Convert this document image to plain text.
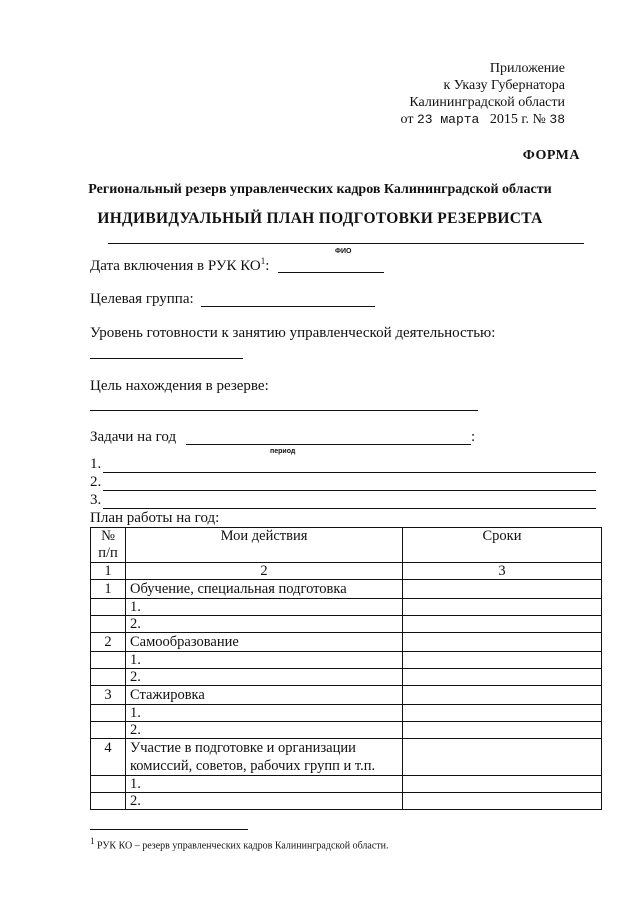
Приложение
к Указу Губернатора
Калининградской области
от 23 марта 2015 г. № 38
ФОРМА
Региональный резерв управленческих кадров Калининградской области
ИНДИВИДУАЛЬНЫЙ ПЛАН ПОДГОТОВКИ РЕЗЕРВИСТА
ФИО
Дата включения в РУК $КО^1$:
Целевая группа:
Уровень готовности к занятию управленческой деятельностью:
Цель нахождения в резерве:
Задачи на год	:
период
1.
2.
3.
План работы на год:
№ п/п	Мои действия	Сроки
1	2	3
1	Обучение, специальная подготовка	
	1.	
	2.	
2	Самообразование	
	1.	
	2.	
3	Стажировка	
	1.	
	2.	
4	Участие в подготовке и организации комиссий, советов, рабочих групп и т.п.	
	1.	
	2.	
$^1$ РУК КО – резерв управленческих кадров Калининградской области.
